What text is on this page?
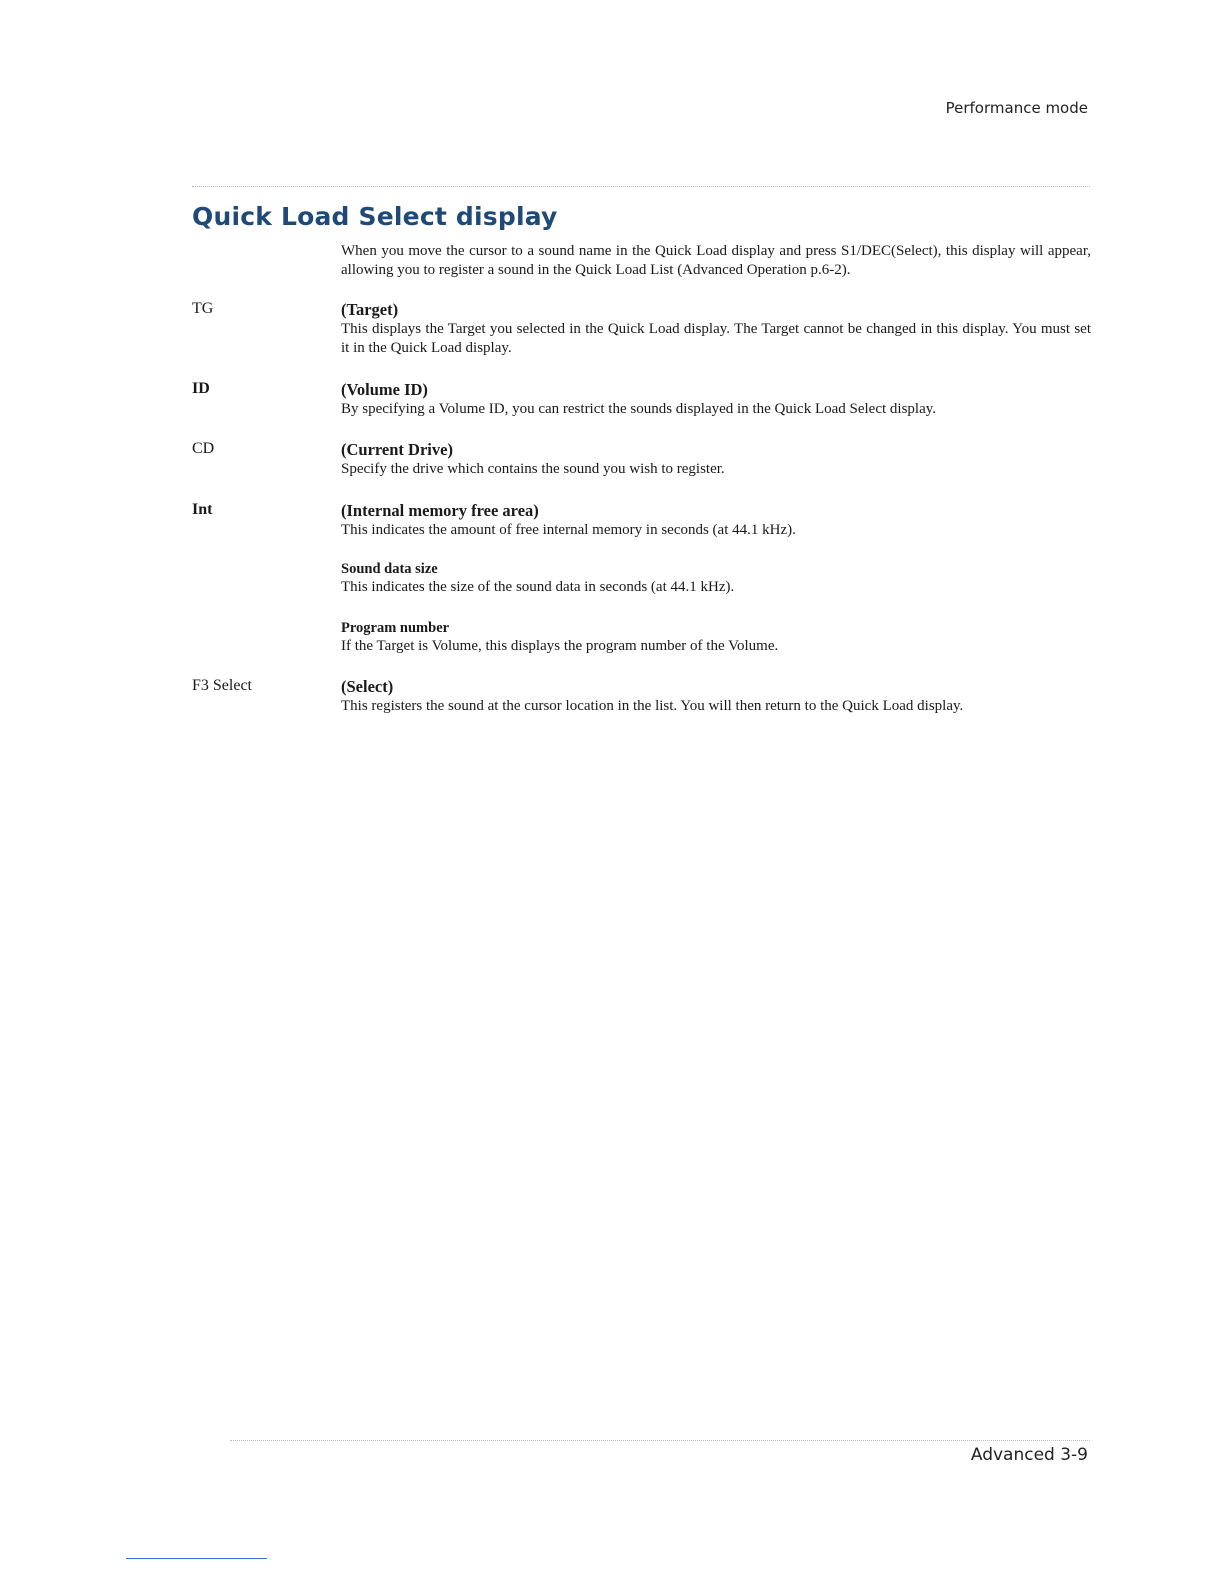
Performance mode
Quick Load Select display

When you move the cursor to a sound name in the Quick Load display and press S1/DEC(Select), this display will appear, allowing you to register a sound in the Quick Load List (Advanced Operation p.6-2).

TG	(Target)

This displays the Target you selected in the Quick Load display. The Target cannot be changed in this display. You must set it in the Quick Load display.

ID	(Volume ID)

By specifying a Volume ID, you can restrict the sounds displayed in the Quick Load Select display.

CD	(Current Drive)

Specify the drive which contains the sound you wish to register.

Int	(Internal memory free area)

This indicates the amount of free internal memory in seconds (at 44.1 kHz).

Sound data size

This indicates the size of the sound data in seconds (at 44.1 kHz).

Program number

If the Target is Volume, this displays the program number of the Volume.

F3 Select	(Select)

This registers the sound at the cursor location in the list. You will then return to the Quick Load display.

Advanced 3-9
